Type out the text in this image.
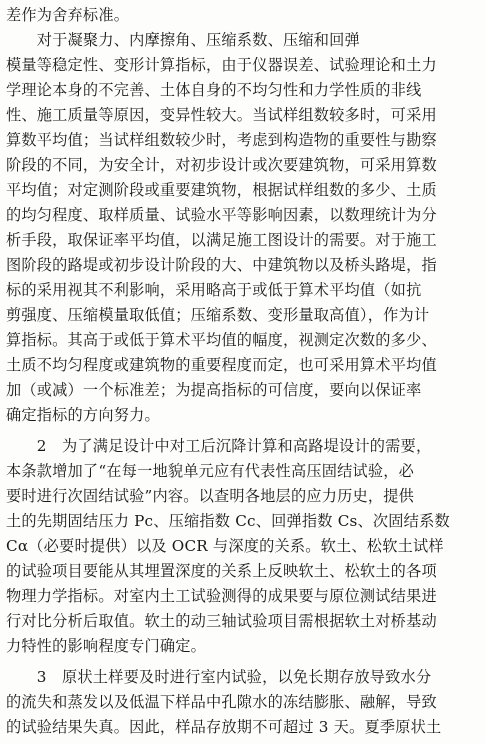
差作为舍弃标准。
　　对于凝聚力、内摩擦角、压缩系数、压缩和回弹
模量等稳定性、变形计算指标，由于仪器误差、试验理论和土力
学理论本身的不完善、土体自身的不均匀性和力学性质的非线
性、施工质量等原因，变异性较大。当试样组数较多时，可采用
算数平均值；当试样组数较少时，考虑到构造物的重要性与勘察
阶段的不同，为安全计，对初步设计或次要建筑物，可采用算数
平均值；对定测阶段或重要建筑物，根据试样组数的多少、土质
的均匀程度、取样质量、试验水平等影响因素，以数理统计为分
析手段，取保证率平均值，以满足施工图设计的需要。对于施工
图阶段的路堤或初步设计阶段的大、中建筑物以及桥头路堤，指
标的采用视其不利影响，采用略高于或低于算术平均值（如抗
剪强度、压缩模量取低值；压缩系数、变形量取高值），作为计
算指标。其高于或低于算术平均值的幅度，视测定次数的多少、
土质不均匀程度或建筑物的重要程度而定，也可采用算术平均值
加（或减）一个标准差；为提高指标的可信度，要向以保证率
确定指标的方向努力。
　　2　为了满足设计中对工后沉降计算和高路堤设计的需要，
本条款增加了“在每一地貌单元应有代表性高压固结试验，必
要时进行次固结试验”内容。以查明各地层的应力历史，提供
土的先期固结压力 Pc、压缩指数 Cc、回弹指数 Cs、次固结系数
Cα（必要时提供）以及 OCR 与深度的关系。软土、松软土试样
的试验项目要能从其埋置深度的关系上反映软土、松软土的各项
物理力学指标。对室内土工试验测得的成果要与原位测试结果进
行对比分析后取值。软土的动三轴试验项目需根据软土对桥基动
力特性的影响程度专门确定。
　　3　原状土样要及时进行室内试验，以免长期存放导致水分
的流失和蒸发以及低温下样品中孔隙水的冻结膨胀、融解，导致
的试验结果失真。因此，样品存放期不可超过 3 天。夏季原状土
